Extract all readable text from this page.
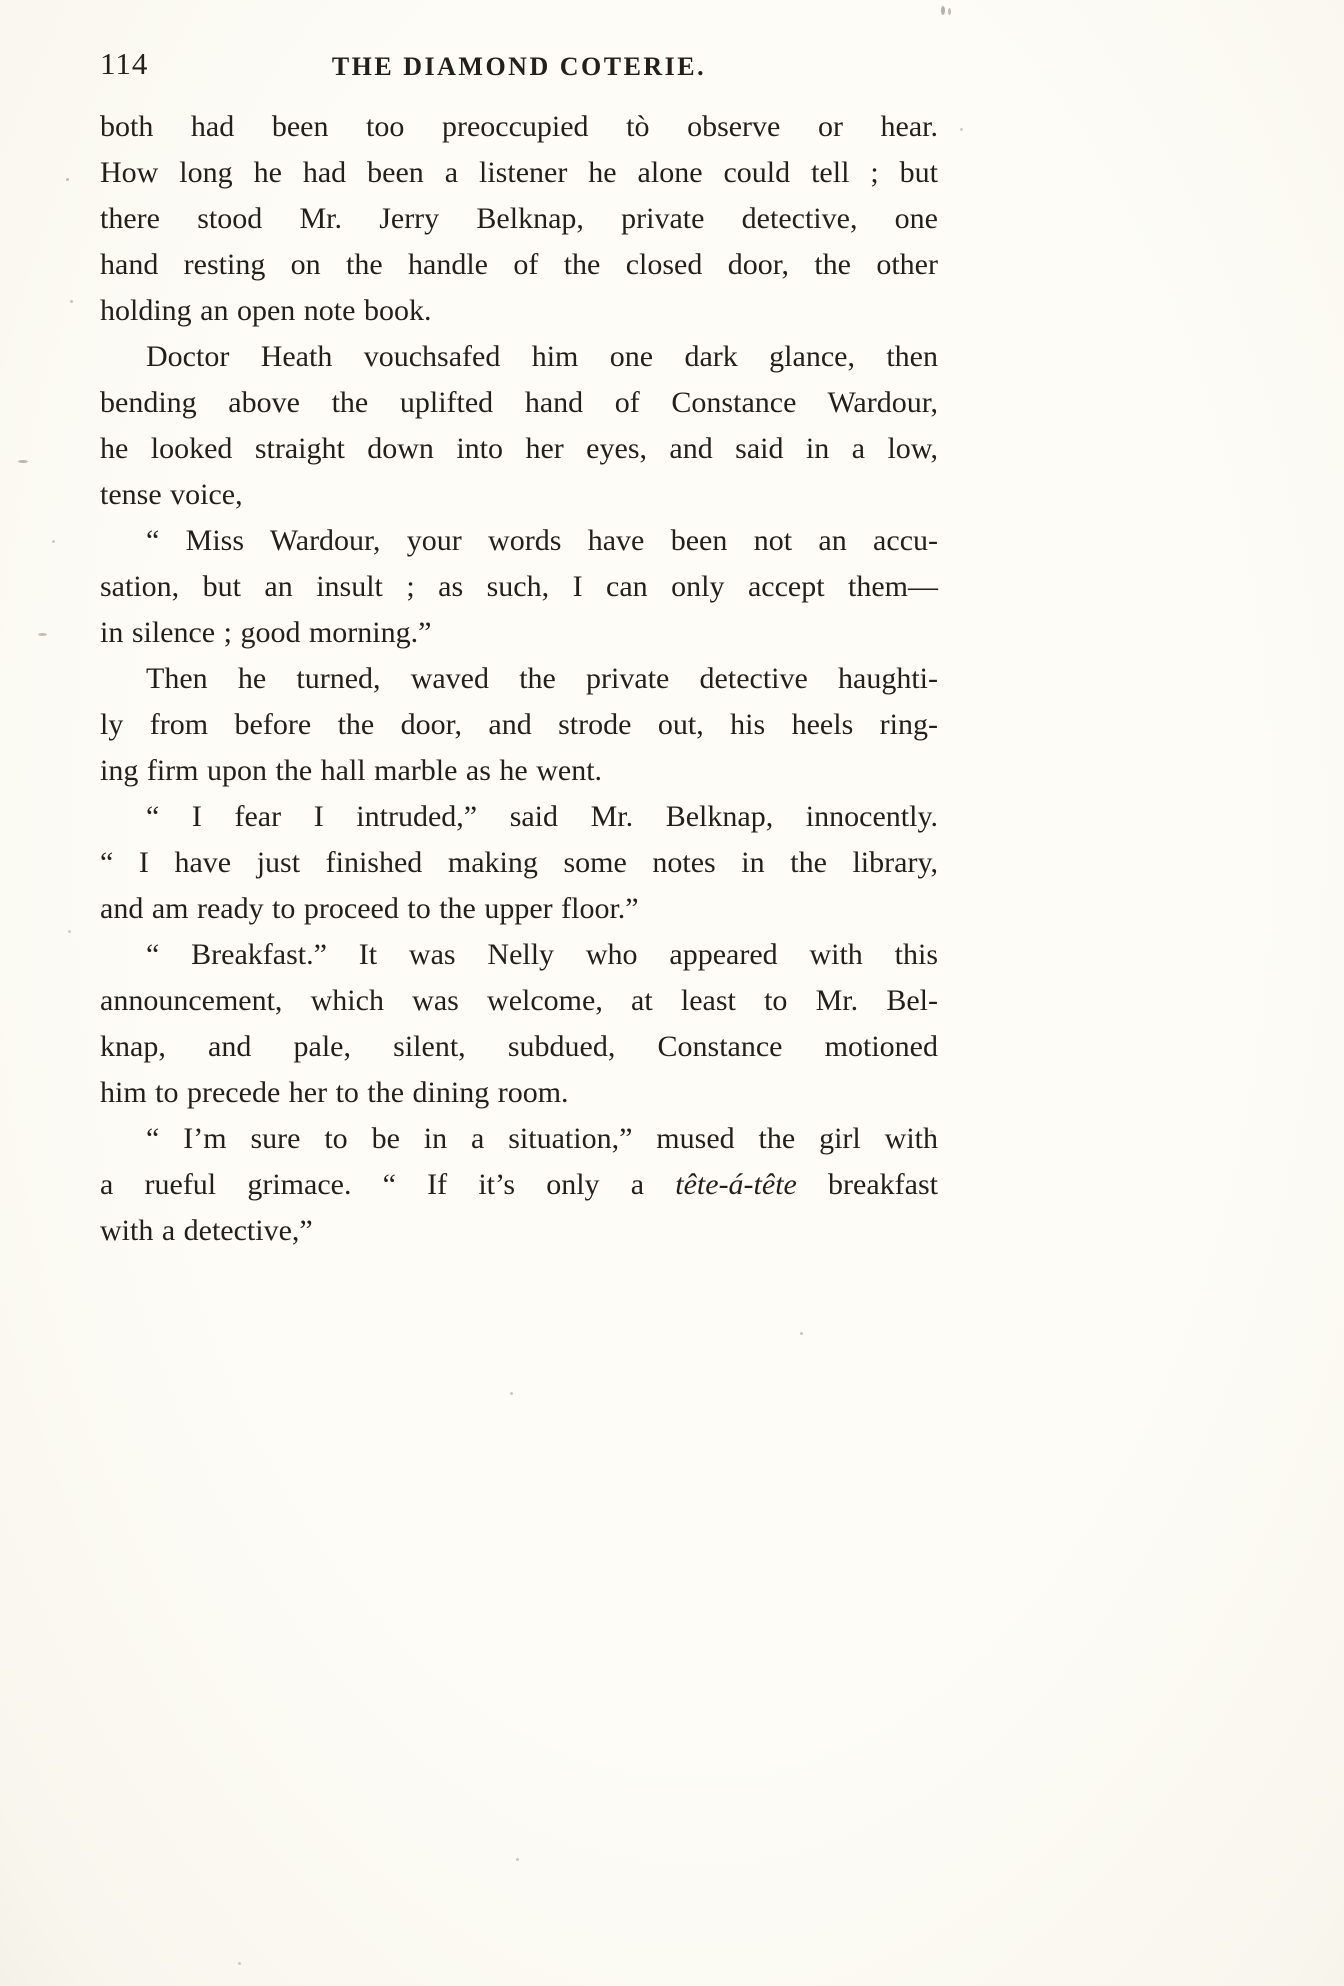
114	THE DIAMOND COTERIE.
both had been too preoccupied tò observe or hear.
How long he had been a listener he alone could tell ; but
there stood Mr. Jerry Belknap, private detective, one
hand resting on the handle of the closed door, the other
holding an open note book.
Doctor Heath vouchsafed him one dark glance, then
bending above the uplifted hand of Constance Wardour,
he looked straight down into her eyes, and said in a low,
tense voice,
“ Miss Wardour, your words have been not an accu-
sation, but an insult ; as such, I can only accept them—
in silence ; good morning.”
Then he turned, waved the private detective haughti-
ly from before the door, and strode out, his heels ring-
ing firm upon the hall marble as he went.
“ I fear I intruded,” said Mr. Belknap, innocently.
“ I have just finished making some notes in the library,
and am ready to proceed to the upper floor.”
“ Breakfast.” It was Nelly who appeared with this
announcement, which was welcome, at least to Mr. Bel-
knap, and pale, silent, subdued, Constance motioned
him to precede her to the dining room.
“ I’m sure to be in a situation,” mused the girl with
a rueful grimace. “ If it’s only a tête-á-tête breakfast
with a detective,”
